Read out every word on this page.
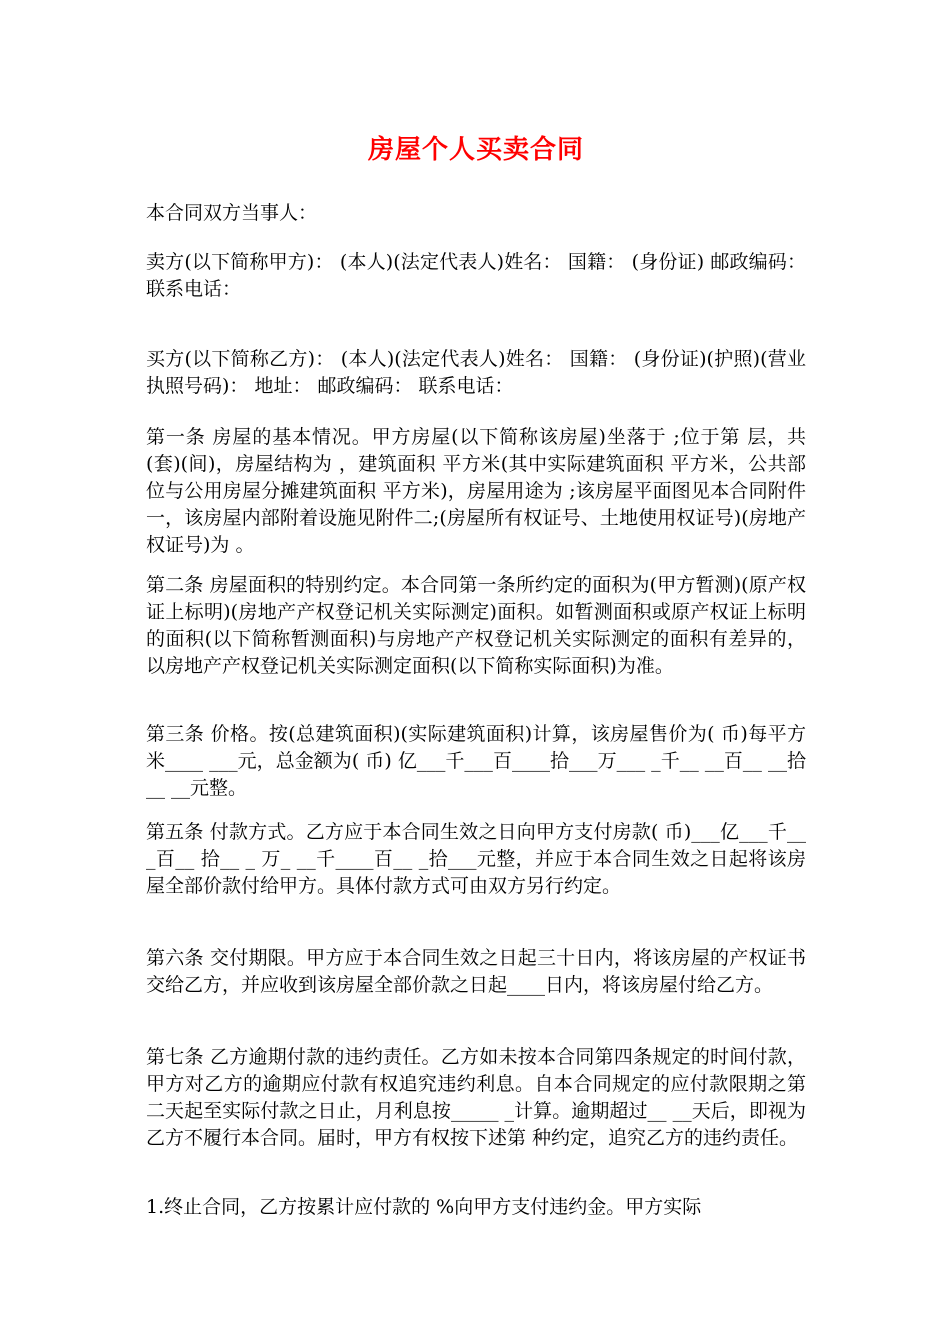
房屋个人买卖合同
本合同双方当事人：
卖方(以下简称甲方)： (本人)(法定代表人)姓名： 国籍： (身份证) 邮政编码： 联系电话：
买方(以下简称乙方)： (本人)(法定代表人)姓名： 国籍： (身份证)(护照)(营业执照号码)： 地址： 邮政编码： 联系电话：
第一条 房屋的基本情况。甲方房屋(以下简称该房屋)坐落于 ;位于第 层，共 (套)(间)，房屋结构为 ，建筑面积 平方米(其中实际建筑面积 平方米，公共部位与公用房屋分摊建筑面积 平方米)，房屋用途为 ;该房屋平面图见本合同附件一，该房屋内部附着设施见附件二;(房屋所有权证号、土地使用权证号)(房地产权证号)为 。
第二条 房屋面积的特别约定。本合同第一条所约定的面积为(甲方暂测)(原产权证上标明)(房地产产权登记机关实际测定)面积。如暂测面积或原产权证上标明的面积(以下简称暂测面积)与房地产产权登记机关实际测定的面积有差异的，以房地产产权登记机关实际测定面积(以下简称实际面积)为准。
第三条 价格。按(总建筑面积)(实际建筑面积)计算，该房屋售价为( 币)每平方米____ ___元，总金额为( 币) 亿___千___百____拾___万___ _千__ __百__ __拾__ __元整。
第五条 付款方式。乙方应于本合同生效之日向甲方支付房款( 币)___亿___千___百__ 拾__ _ 万_ __千____百__ _拾___元整，并应于本合同生效之日起将该房屋全部价款付给甲方。具体付款方式可由双方另行约定。
第六条 交付期限。甲方应于本合同生效之日起三十日内，将该房屋的产权证书交给乙方，并应收到该房屋全部价款之日起____日内，将该房屋付给乙方。
第七条 乙方逾期付款的违约责任。乙方如未按本合同第四条规定的时间付款，甲方对乙方的逾期应付款有权追究违约利息。自本合同规定的应付款限期之第二天起至实际付款之日止，月利息按_____ _计算。逾期超过__ __天后，即视为乙方不履行本合同。届时，甲方有权按下述第 种约定，追究乙方的违约责任。
1.终止合同，乙方按累计应付款的 %向甲方支付违约金。甲方实际
